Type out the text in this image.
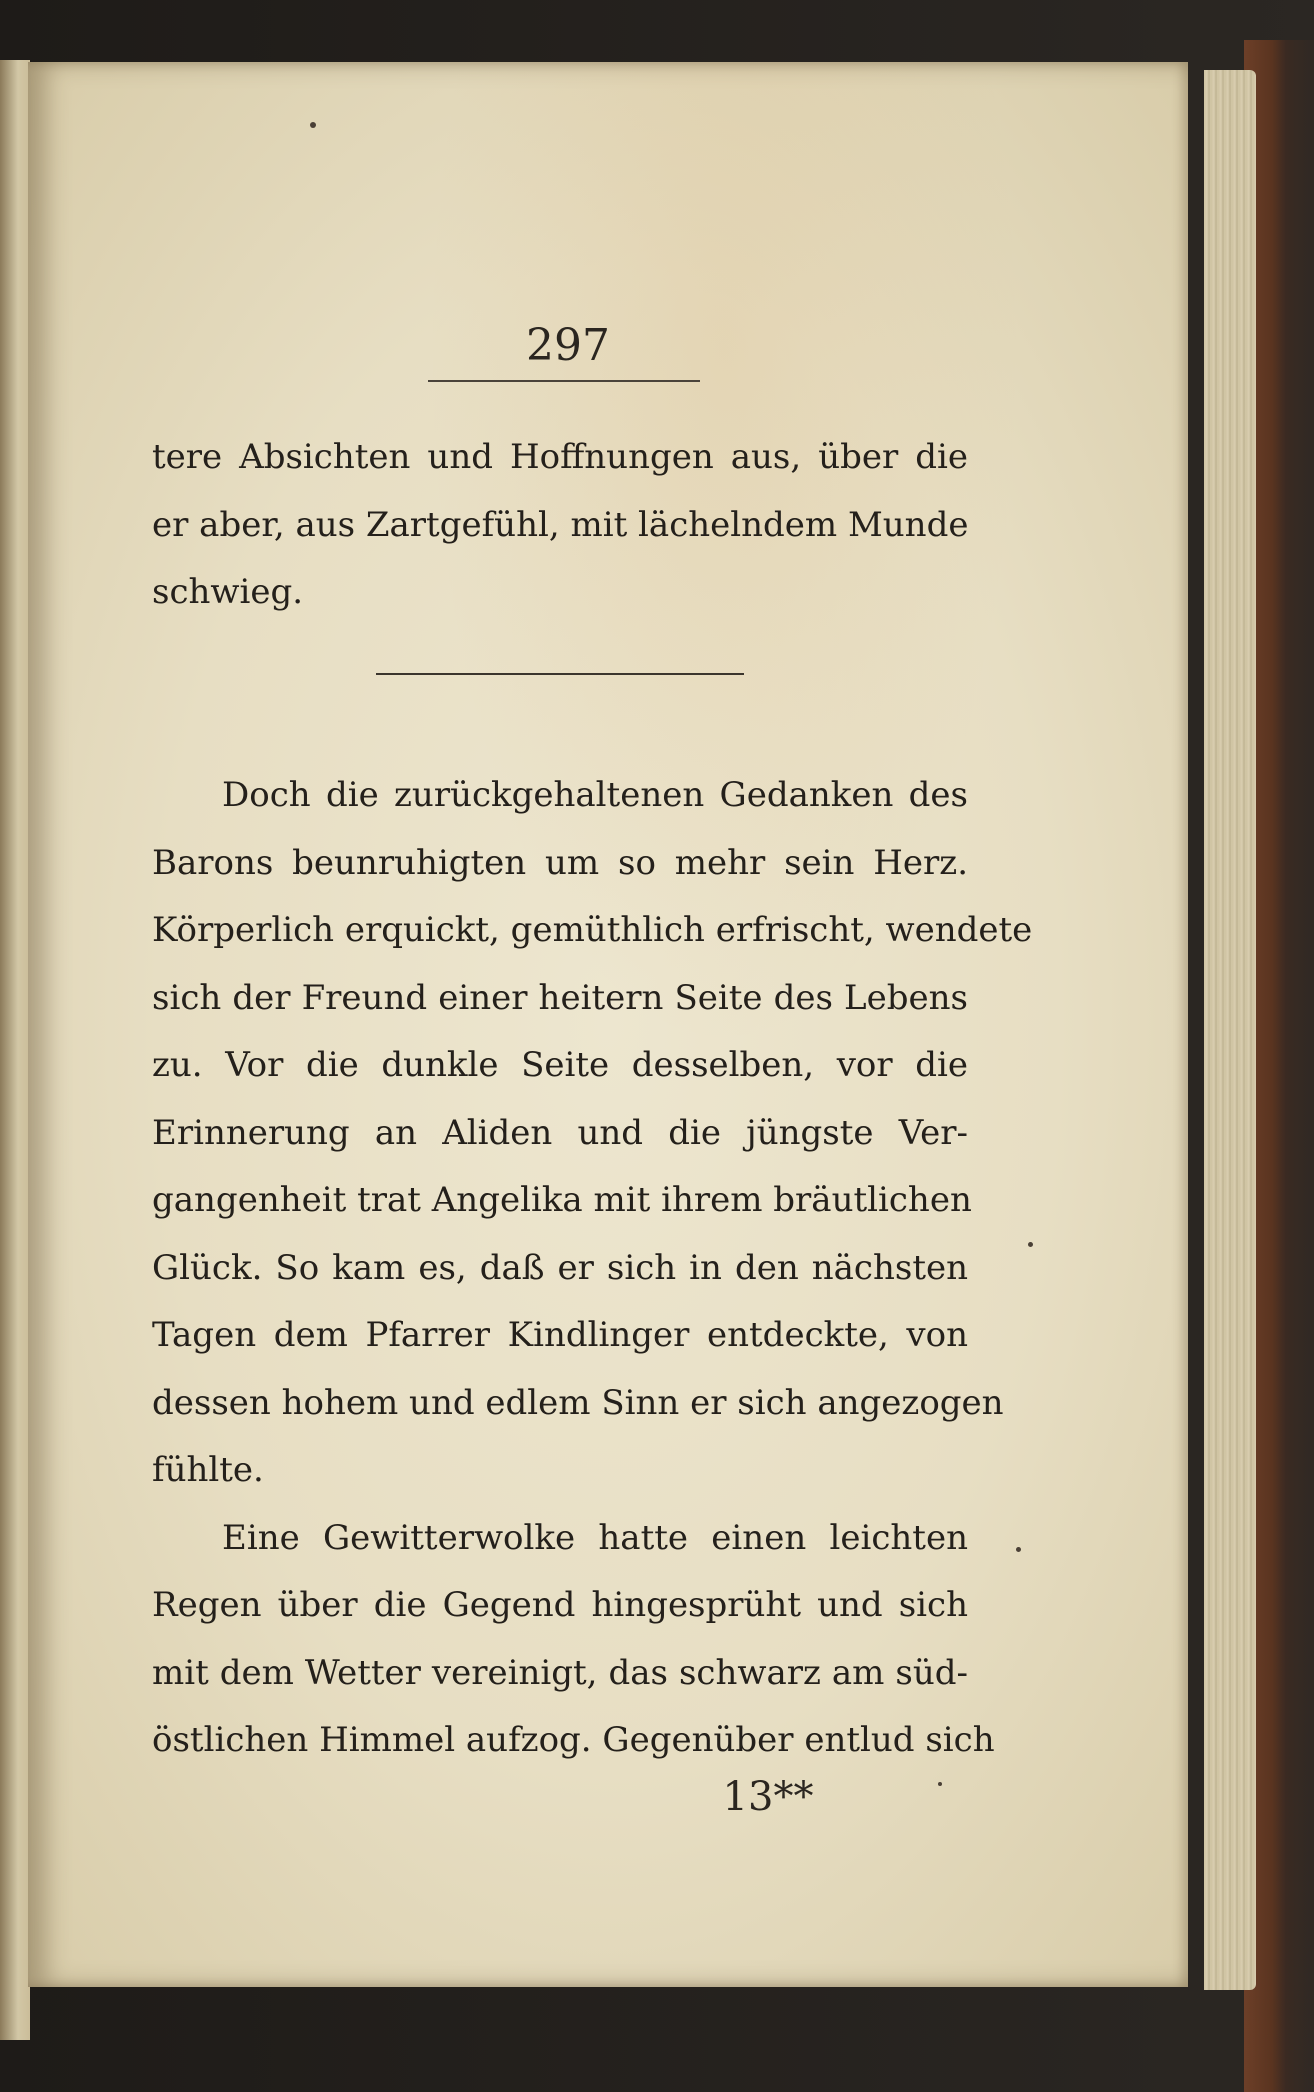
297
tere Absichten und Hoffnungen aus, über die
er aber, aus Zartgefühl, mit lächelndem Munde
schwieg.
Doch die zurückgehaltenen Gedanken des
Barons beunruhigten um so mehr sein Herz.
Körperlich erquickt, gemüthlich erfrischt, wendete
sich der Freund einer heitern Seite des Lebens
zu. Vor die dunkle Seite desselben, vor die
Erinnerung an Aliden und die jüngste Ver-
gangenheit trat Angelika mit ihrem bräutlichen
Glück. So kam es, daß er sich in den nächsten
Tagen dem Pfarrer Kindlinger entdeckte, von
dessen hohem und edlem Sinn er sich angezogen
fühlte.
Eine Gewitterwolke hatte einen leichten
Regen über die Gegend hingesprüht und sich
mit dem Wetter vereinigt, das schwarz am süd-
östlichen Himmel aufzog. Gegenüber entlud sich
13**
